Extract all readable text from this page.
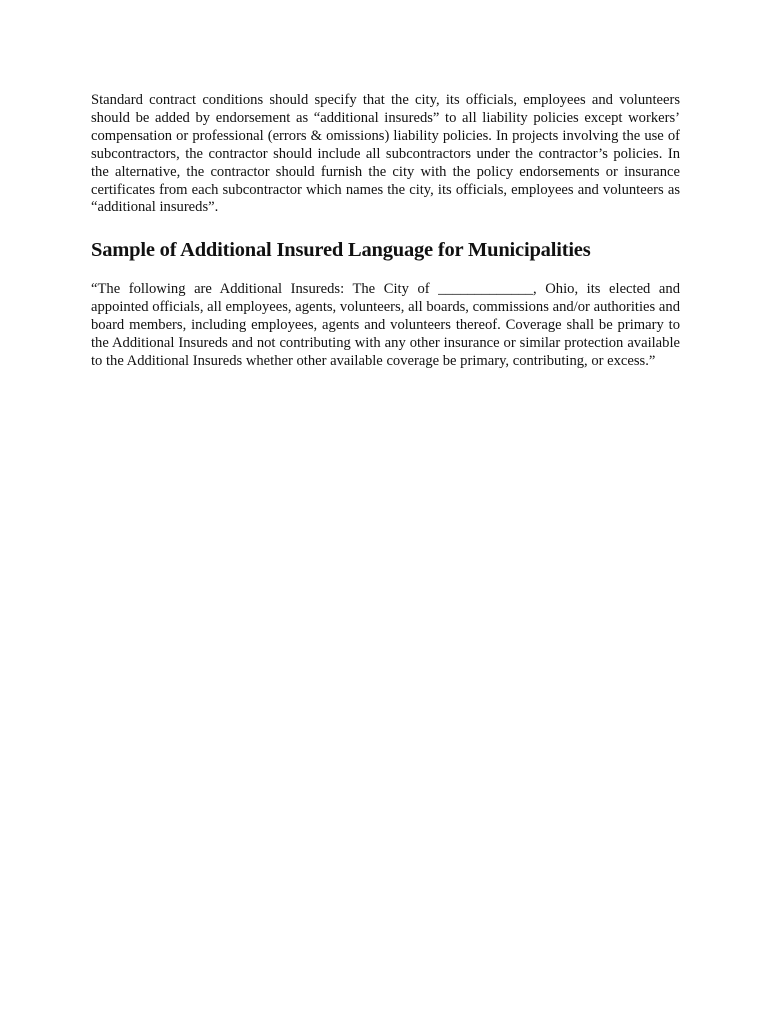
Standard contract conditions should specify that the city, its officials, employees and volunteers should be added by endorsement as “additional insureds” to all liability policies except workers’ compensation or professional (errors & omissions) liability policies. In projects involving the use of subcontractors, the contractor should include all subcontractors under the contractor’s policies. In the alternative, the contractor should furnish the city with the policy endorsements or insurance certificates from each subcontractor which names the city, its officials, employees and volunteers as “additional insureds”.

Sample of Additional Insured Language for Municipalities

“The following are Additional Insureds: The City of _____________, Ohio, its elected and appointed officials, all employees, agents, volunteers, all boards, commissions and/or authorities and board members, including employees, agents and volunteers thereof. Coverage shall be primary to the Additional Insureds and not contributing with any other insurance or similar protection available to the Additional Insureds whether other available coverage be primary, contributing, or excess.”
